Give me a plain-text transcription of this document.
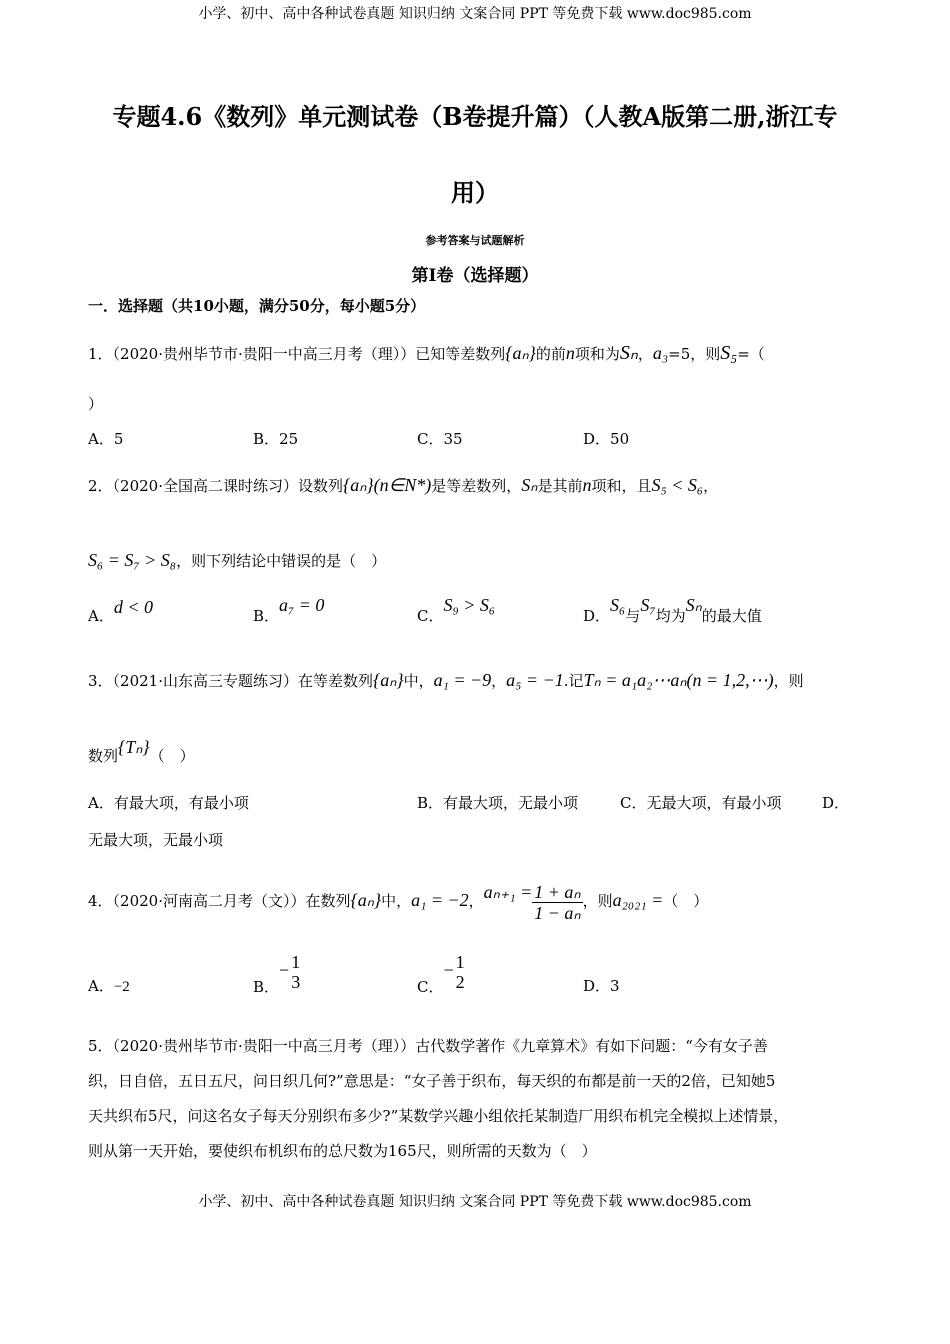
小学、初中、高中各种试卷真题 知识归纳 文案合同 PPT 等免费下载 www.doc985.com
专题4.6《数列》单元测试卷（B卷提升篇）（人教A版第二册,浙江专
用）
参考答案与试题解析
第Ⅰ卷（选择题）
一．选择题（共10小题，满分50分，每小题5分）
1．（2020·贵州毕节市·贵阳一中高三月考（理））已知等差数列{aₙ}的前n项和为Sₙ，a₃=5，则S₅=（
）
A．5	B．25	C．35	D．50
2．（2020·全国高二课时练习）设数列{aₙ}(n∈N*)是等差数列，Sₙ是其前n项和，且S₅ < S₆，
S₆ = S₇ > S₈，则下列结论中错误的是（　）
A．d < 0	B．a₇ = 0
C．S₉ > S₆
D．S₆与S₇均为Sₙ的最大值
3．（2021·山东高三专题练习）在等差数列{aₙ}中，a₁ = −9，a₅ = −1.记Tₙ = a₁a₂⋯aₙ(n = 1,2,⋯)，则
数列{Tₙ}（　）
A．有最大项，有最小项	B．有最大项，无最小项	C．无最大项，有最小项	D．
无最大项，无最小项
4．（2020·河南高二月考（文））在数列{aₙ}中，a₁ = −2，$a_{n+1} = \frac{\text{1 + aₙ}}{\text{1 − aₙ}}$ ，则a₂₀₂₁ =（　）
A．−2	B．− 1
3	C．− 1
2	D．3
5．（2020·贵州毕节市·贵阳一中高三月考（理））古代数学著作《九章算术》有如下问题：“今有女子善
织，日自倍，五日五尺，问日织几何?”意思是：“女子善于织布，每天织的布都是前一天的2倍，已知她5
天共织布5尺，问这名女子每天分别织布多少?”某数学兴趣小组依托某制造厂用织布机完全模拟上述情景，
则从第一天开始，要使织布机织布的总尺数为165尺，则所需的天数为（　）
小学、初中、高中各种试卷真题 知识归纳 文案合同 PPT 等免费下载 www.doc985.com
